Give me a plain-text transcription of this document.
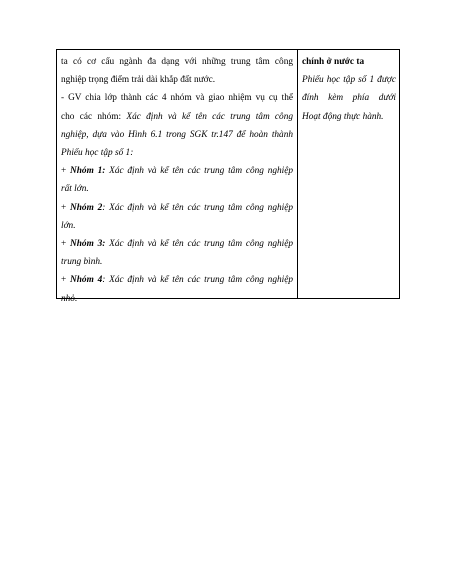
ta có cơ cấu ngành đa dạng với những trung tâm công
nghiệp trọng điểm trải dài khắp đất nước.
- GV chia lớp thành các 4 nhóm và giao nhiệm vụ cụ thể
cho các nhóm: Xác định và kể tên các trung tâm công
nghiệp, dựa vào Hình 6.1 trong SGK tr.147 để hoàn thành
Phiếu học tập số 1:
+ Nhóm 1: Xác định và kể tên các trung tâm công nghiệp
rất lớn.
+ Nhóm 2: Xác định và kể tên các trung tâm công nghiệp
lớn.
+ Nhóm 3: Xác định và kể tên các trung tâm công nghiệp
trung bình.
+ Nhóm 4: Xác định và kể tên các trung tâm công nghiệp
nhỏ.
chính ở nước ta
Phiếu học tập số 1 được
đính kèm phía dưới
Hoạt động thực hành.
